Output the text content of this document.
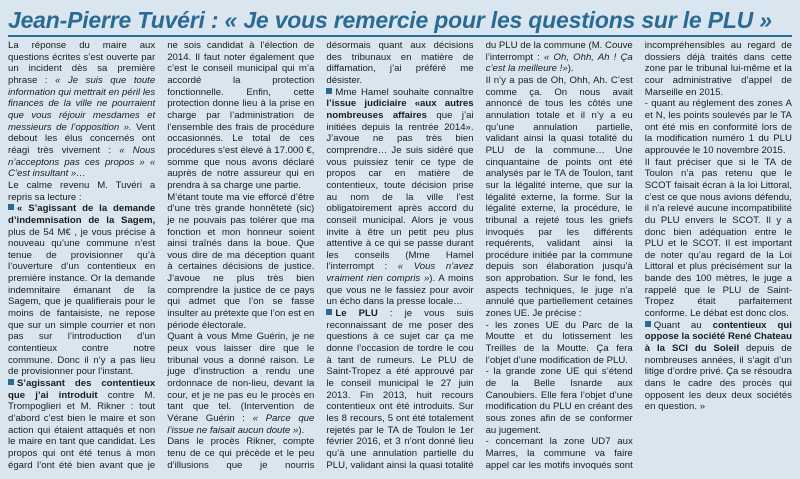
Jean-Pierre Tuvéri : « Je vous remercie pour les questions sur le PLU »

La réponse du maire aux questions écrites s’est ouverte par un incident dès sa première phrase : « Je suis que toute information qui mettrait en péril les finances de la ville ne pourraient que vous réjouir mesdames et messieurs de l’opposition ». Vent debout les élus concernés ont réagi très vivement : « Nous n’acceptons pas ces propos » « C’est insultant »…

Le calme revenu M. Tuvéri a repris sa lecture :

« S’agissant de la demande d’indemnisation de la Sagem, plus de 54 M€ , je vous précise à nouveau qu’une commune n’est tenue de provisionner qu’à l’ouverture d’un contentieux en première instance. Or la demande indemnitaire émanant de la Sagem, que je qualifierais pour le moins de fantaisiste, ne repose que sur un simple courrier et non pas sur l’introduction d’un contentieux contre notre commune. Donc il n’y a pas lieu de provisionner pour l’instant.

S’agissant des contentieux que j’ai introduit contre M. Trompoglieri et M. Rikner : tout d’abord c’est bien le maire et son action qui étaient attaqués et non le maire en tant que candidat. Les propos qui ont été tenus à mon égard l’ont été bien avant que je ne sois candidat à l’élection de 2014. Il faut noter également que c’est le conseil municipal qui m’a accordé la protection fonctionnelle. Enfin, cette protection donne lieu à la prise en charge par l’administration de l’ensemble des frais de procédure occasionnés. Le total de ces procédures s’est élevé à 17.000 €, somme que nous avons déclaré auprès de notre assureur qui en prendra à sa charge une partie.

M’étant toute ma vie efforcé d’être d’une très grande honnêteté (sic) je ne pouvais pas tolérer que ma fonction et mon honneur soient ainsi traînés dans la boue. Que vous dire de ma déception quant à certaines décisions de justice. J’avoue ne plus très bien comprendre la justice de ce pays qui admet que l’on se fasse insulter au prétexte que l’on est en période électorale.

Quant à vous Mme Guérin, je ne peux vous laisser dire que le tribunal vous a donné raison. Le juge d’instruction a rendu une ordonnace de non-lieu, devant la cour, et je ne pas eu le procès en tant que tel. (Intervention de Vérane Guérin : « Parce que l’issue ne faisait aucun doute »).

Dans le procès Rikner, compte tenu de ce qui précède et le peu d’illusions que je nourris désormais quant aux décisions des tribunaux en matière de diffamation, j’ai préféré me désister.

Mme Hamel souhaite connaître l’issue judiciaire «aux autres nombreuses affaires que j’ai initiées depuis la rentrée 2014». J’avoue ne pas très bien comprendre… Je suis sidéré que vous puissiez tenir ce type de propos car en matière de contentieux, toute décision prise au nom de la ville l’est obligatoirement après accord du conseil municipal. Alors je vous invite à être un petit peu plus attentive à ce qui se passe durant les conseils (Mme Hamel l’interrompt : « Vous n’avez vraiment rien compris »). A moins que vous ne le fassiez pour avoir un écho dans la presse locale…

Le PLU : je vous suis reconnaissant de me poser des questions à ce sujet car ça me donne l’occasion de tordre le cou à tant de rumeurs. Le PLU de Saint-Tropez a été approuvé par le conseil municipal le 27 juin 2013. Fin 2013, huit recours contentieux ont été introduits. Sur les 8 recours, 5 ont été totalement rejetés par le TA de Toulon le 1er février 2016, et 3 n’ont donné lieu qu’à une annulation partielle du PLU, validant ainsi la quasi totalité du PLU de la commune (M. Couve l’interrompt : « Oh, Ohh, Ah ! Ça c’est la meilleure !»).

Il n’y a pas de Oh, Ohh, Ah. C’est comme ça. On nous avait annoncé de tous les côtés une annulation totale et il n’y a eu qu’une annulation partielle, validant ainsi la quasi totalité du PLU de la commune… Une cinquantaine de points ont été analysés par le TA de Toulon, tant sur la légalité interne, que sur la légalité externe, la forme. Sur la légalité externe, la procédure, le tribunal a rejeté tous les griefs invoqués par les différents requérents, validant ainsi la procédure initiée par la commune depuis son élaboration jusqu’à son approbation. Sur le fond, les aspects techniques, le juge n’a annulé que partiellement cetaines zones UE. Je précise :

- les zones UE du Parc de la Moutte et du lotissement les Treilles de la Moutte. Ça fera l’objet d’une modification de PLU.

- la grande zone UE qui s’étend de la Belle Isnarde aux Canoubiers. Elle fera l’objet d’une modification du PLU en créant des sous zones afin de se conformer au jugement.

- concernant la zone UD7 aux Marres, la commune va faire appel car les motifs invoqués sont incompréhensibles au regard de dossiers déjà traités dans cette zone par le tribunal lui-même et la cour administrative d’appel de Marseille en 2015.

- quant au réglement des zones A et N, les points soulevés par le TA ont été mis en conformité lors de la modification numéro 1 du PLU approuvée le 10 novembre 2015.

Il faut préciser que si le TA de Toulon n’a pas retenu que le SCOT faisait écran à la loi Littoral, c’est ce que nous avions défendu, il n’a relevé aucune incompatibilité du PLU envers le SCOT. Il y a donc bien adéquation entre le PLU et le SCOT. Il est important de noter qu’au regard de la Loi Littoral et plus précisément sur la bande des 100 mètres, le juge a rappelé que le PLU de Saint-Tropez était parfaitement conforme. Le débat est donc clos.

Quant au contentieux qui oppose la société René Chateau à la SCI du Soleil depuis de nombreuses années, il s’agit d’un litige d’ordre privé. Ça se résoudra dans le cadre des procès qui opposent les deux deux sociétés en question. »
